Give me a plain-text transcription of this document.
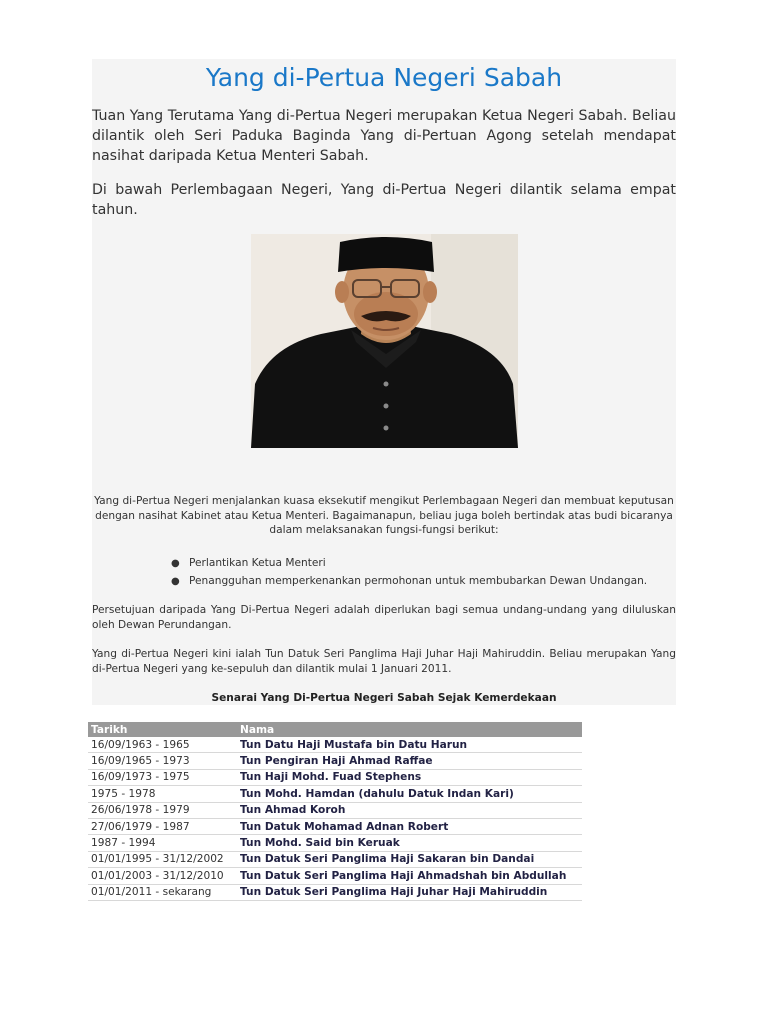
Yang di-Pertua Negeri Sabah
Tuan Yang Terutama Yang di-Pertua Negeri merupakan Ketua Negeri Sabah. Beliau dilantik oleh Seri Paduka Baginda Yang di-Pertuan Agong setelah mendapat nasihat daripada Ketua Menteri Sabah.
Di bawah Perlembagaan Negeri, Yang di-Pertua Negeri dilantik selama empat tahun.
Yang di-Pertua Negeri menjalankan kuasa eksekutif mengikut Perlembagaan Negeri dan membuat keputusan dengan nasihat Kabinet atau Ketua Menteri. Bagaimanapun, beliau juga boleh bertindak atas budi bicaranya dalam melaksanakan fungsi-fungsi berikut:
● Perlantikan Ketua Menteri
● Penangguhan memperkenankan permohonan untuk membubarkan Dewan Undangan.
Persetujuan daripada Yang Di-Pertua Negeri adalah diperlukan bagi semua undang-undang yang diluluskan oleh Dewan Perundangan.
Yang di-Pertua Negeri kini ialah Tun Datuk Seri Panglima Haji Juhar Haji Mahiruddin. Beliau merupakan Yang di-Pertua Negeri yang ke-sepuluh dan dilantik mulai 1 Januari 2011.
Senarai Yang Di-Pertua Negeri Sabah Sejak Kemerdekaan
Tarikh	Nama
16/09/1963 - 1965	Tun Datu Haji Mustafa bin Datu Harun
16/09/1965 - 1973	Tun Pengiran Haji Ahmad Raffae
16/09/1973 - 1975	Tun Haji Mohd. Fuad Stephens
1975 - 1978	Tun Mohd. Hamdan (dahulu Datuk Indan Kari)
26/06/1978 - 1979	Tun Ahmad Koroh
27/06/1979 - 1987	Tun Datuk Mohamad Adnan Robert
1987 - 1994	Tun Mohd. Said bin Keruak
01/01/1995 - 31/12/2002	Tun Datuk Seri Panglima Haji Sakaran bin Dandai
01/01/2003 - 31/12/2010	Tun Datuk Seri Panglima Haji Ahmadshah bin Abdullah
01/01/2011 - sekarang	Tun Datuk Seri Panglima Haji Juhar Haji Mahiruddin
